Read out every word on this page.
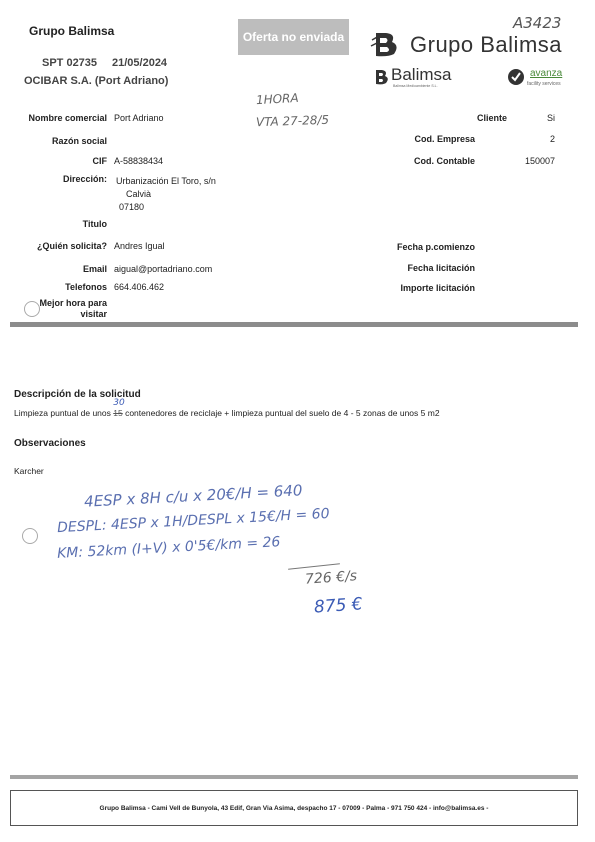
Grupo Balimsa
SPT 02735 21/05/2024
OCIBAR S.A. (Port Adriano)
Oferta no enviada
A3423
Grupo Balimsa
Balimsa
Balimsa Medioambiente S.L.
avanza
facility services
1HORA
VTA 27-28/5
Nombre comercial Port Adriano
Razón social
CIF A-58838434
Dirección: Urbanización El Toro, s/n
Calvià
07180
Titulo
¿Quién solicita? Andres Igual
Email aigual@portadriano.com
Telefonos 664.406.462
Mejor hora para
visitar
Cliente	Si
Cod. Empresa	2
Cod. Contable	150007
Fecha p.comienzo
Fecha licitación
Importe licitación
Descripción de la solicitud
Limpieza puntual de unos 15
30
contenedores de reciclaje + limpieza puntual del suelo de 4 - 5 zonas de unos 5 m2
Observaciones
Karcher
4ESP x 8H c/u x 20€/H = 640
DESPL: 4ESP x 1H/DESPL x 15€/H = 60
KM: 52km (I+V) x 0'5€/km = 26
726 €/s
875 €
Grupo Balimsa - Cami Vell de Bunyola, 43 Edif, Gran Via Asima, despacho 17 - 07009 - Palma - 971 750 424 - info@balimsa.es -
